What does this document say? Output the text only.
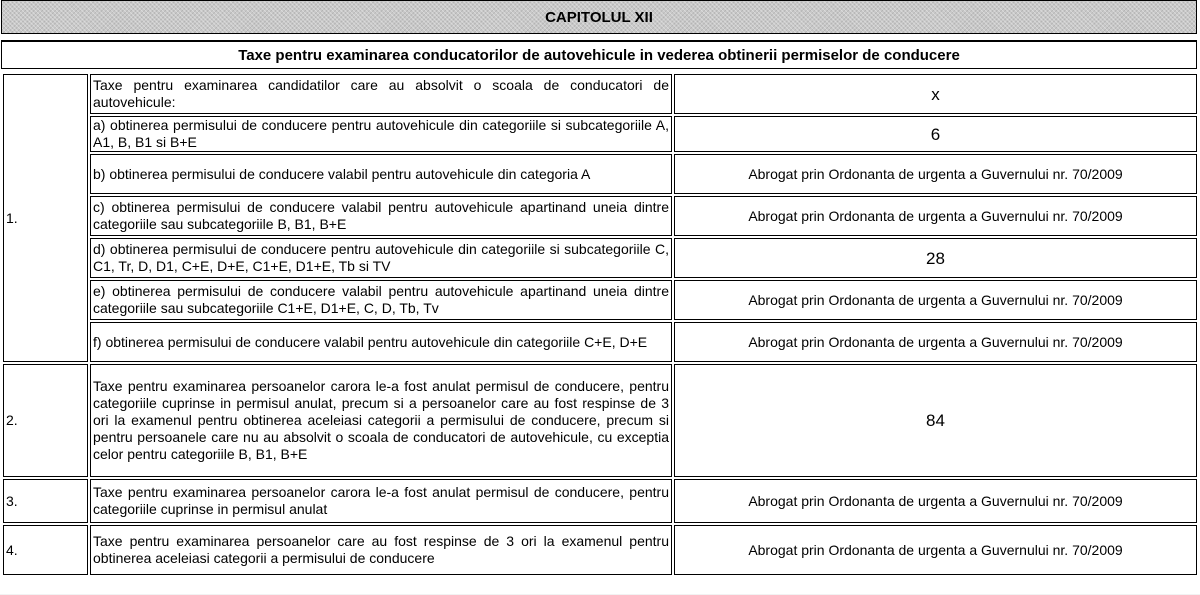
CAPITOLUL XII
Taxe pentru examinarea conducatorilor de autovehicule in vederea obtinerii permiselor de conducere
1.	Taxe pentru examinarea candidatilor care au absolvit o scoala de conducatori de autovehicule:	x
	a) obtinerea permisului de conducere pentru autovehicule din categoriile si subcategoriile A, A1, B, B1 si B+E	6
	b) obtinerea permisului de conducere valabil pentru autovehicule din categoria A	Abrogat prin Ordonanta de urgenta a Guvernului nr. 70/2009
	c) obtinerea permisului de conducere valabil pentru autovehicule apartinand uneia dintre categoriile sau subcategoriile B, B1, B+E	Abrogat prin Ordonanta de urgenta a Guvernului nr. 70/2009
	d) obtinerea permisului de conducere pentru autovehicule din categoriile si subcategoriile C, C1, Tr, D, D1, C+E, D+E, C1+E, D1+E, Tb si TV	28
	e) obtinerea permisului de conducere valabil pentru autovehicule apartinand uneia dintre categoriile sau subcategoriile C1+E, D1+E, C, D, Tb, Tv	Abrogat prin Ordonanta de urgenta a Guvernului nr. 70/2009
	f) obtinerea permisului de conducere valabil pentru autovehicule din categoriile C+E, D+E	Abrogat prin Ordonanta de urgenta a Guvernului nr. 70/2009
2.	Taxe pentru examinarea persoanelor carora le-a fost anulat permisul de conducere, pentru categoriile cuprinse in permisul anulat, precum si a persoanelor care au fost respinse de 3 ori la examenul pentru obtinerea aceleiasi categorii a permisului de conducere, precum si pentru persoanele care nu au absolvit o scoala de conducatori de autovehicule, cu exceptia celor pentru categoriile B, B1, B+E	84
3.	Taxe pentru examinarea persoanelor carora le-a fost anulat permisul de conducere, pentru categoriile cuprinse in permisul anulat	Abrogat prin Ordonanta de urgenta a Guvernului nr. 70/2009
4.	Taxe pentru examinarea persoanelor care au fost respinse de 3 ori la examenul pentru obtinerea aceleiasi categorii a permisului de conducere	Abrogat prin Ordonanta de urgenta a Guvernului nr. 70/2009
